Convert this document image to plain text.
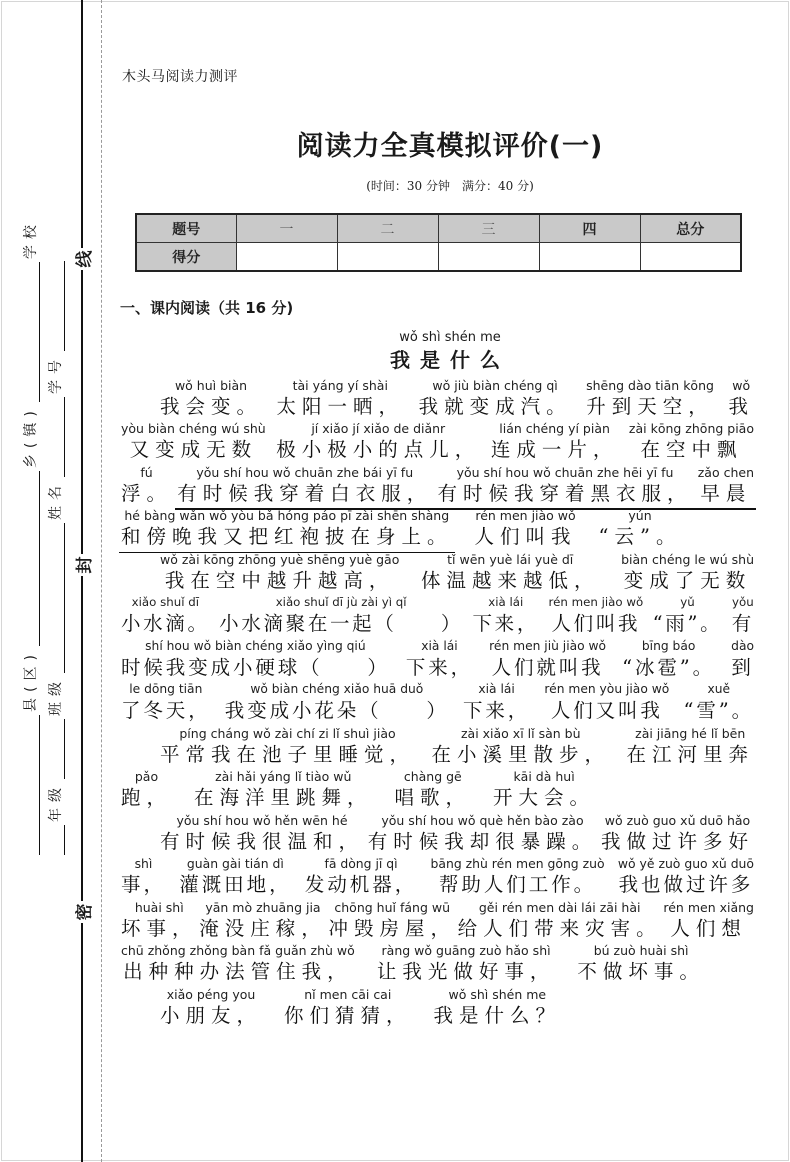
线
封
密
县(区)
乡(镇)
学校
年级
班级
姓名
学号
木头马阅读力测评
阅读力全真模拟评价(一)
(时间：30 分钟　满分：40 分)
题号	一	二	三	四	总分
得分					
一、课内阅读（共 16 分)
wǒ shì shén me
我是什么
wǒ huì biàn
我会变。
tài yáng yí shài
太阳一晒，
wǒ jiù biàn chéng qì
我就变成汽。
shēng dào tiān kōng
升到天空，
wǒ
我
yòu biàn chéng wú shù
又变成无数
jí xiǎo jí xiǎo de diǎnr
极小极小的点儿，
lián chéng yí piàn
连成一片，
zài kōng zhōng piāo
在空中飘
fú
浮。
yǒu shí hou wǒ chuān zhe bái yī fu
有时候我穿着白衣服，
yǒu shí hou wǒ chuān zhe hēi yī fu
有时候我穿着黑衣服，
zǎo chen
早晨
hé bàng wǎn wǒ yòu bǎ hóng páo pī zài shēn shàng
和傍晚我又把红袍披在身上。
rén men jiào wǒ
人们叫我
yún
“云”。
wǒ zài kōng zhōng yuè shēng yuè gāo
我在空中越升越高，
tǐ wēn yuè lái yuè dī
体温越来越低，
biàn chéng le wú shù
变成了无数
xiǎo shuǐ dī
小水滴。
xiǎo shuǐ dī jù zài yì qǐ
小水滴聚在一起（　　）
xià lái
下来，
rén men jiào wǒ
人们叫我
yǔ
“雨”。
yǒu
有
shí hou wǒ biàn chéng xiǎo yìng qiú
时候我变成小硬球（　　）
xià lái
下来，
rén men jiù jiào wǒ
人们就叫我
bīng báo
“冰雹”。
dào
到
le dōng tiān
了冬天，
wǒ biàn chéng xiǎo huā duǒ
我变成小花朵（　　）
xià lái
下来，
rén men yòu jiào wǒ
人们又叫我
xuě
“雪”。
píng cháng wǒ zài chí zi lǐ shuì jiào
平常我在池子里睡觉，
zài xiǎo xī lǐ sàn bù
在小溪里散步，
zài jiāng hé lǐ bēn
在江河里奔
pǎo
跑，
zài hǎi yáng lǐ tiào wǔ
在海洋里跳舞，
chàng gē
唱歌，
kāi dà huì
开大会。
yǒu shí hou wǒ hěn wēn hé
有时候我很温和，
yǒu shí hou wǒ què hěn bào zào
有时候我却很暴躁。
wǒ zuò guo xǔ duō hǎo
我做过许多好
shì
事，
guàn gài tián dì
灌溉田地，
fā dòng jī qì
发动机器，
bāng zhù rén men gōng zuò
帮助人们工作。
wǒ yě zuò guo xǔ duō
我也做过许多
huài shì
坏事，
yān mò zhuāng jia
淹没庄稼，
chōng huǐ fáng wū
冲毁房屋，
gěi rén men dài lái zāi hài
给人们带来灾害。
rén men xiǎng
人们想
chū zhǒng zhǒng bàn fǎ guǎn zhù wǒ
出种种办法管住我，
ràng wǒ guāng zuò hǎo shì
让我光做好事，
bú zuò huài shì
不做坏事。
xiǎo péng you
小朋友，
nǐ men cāi cai
你们猜猜，
wǒ shì shén me
我是什么？
